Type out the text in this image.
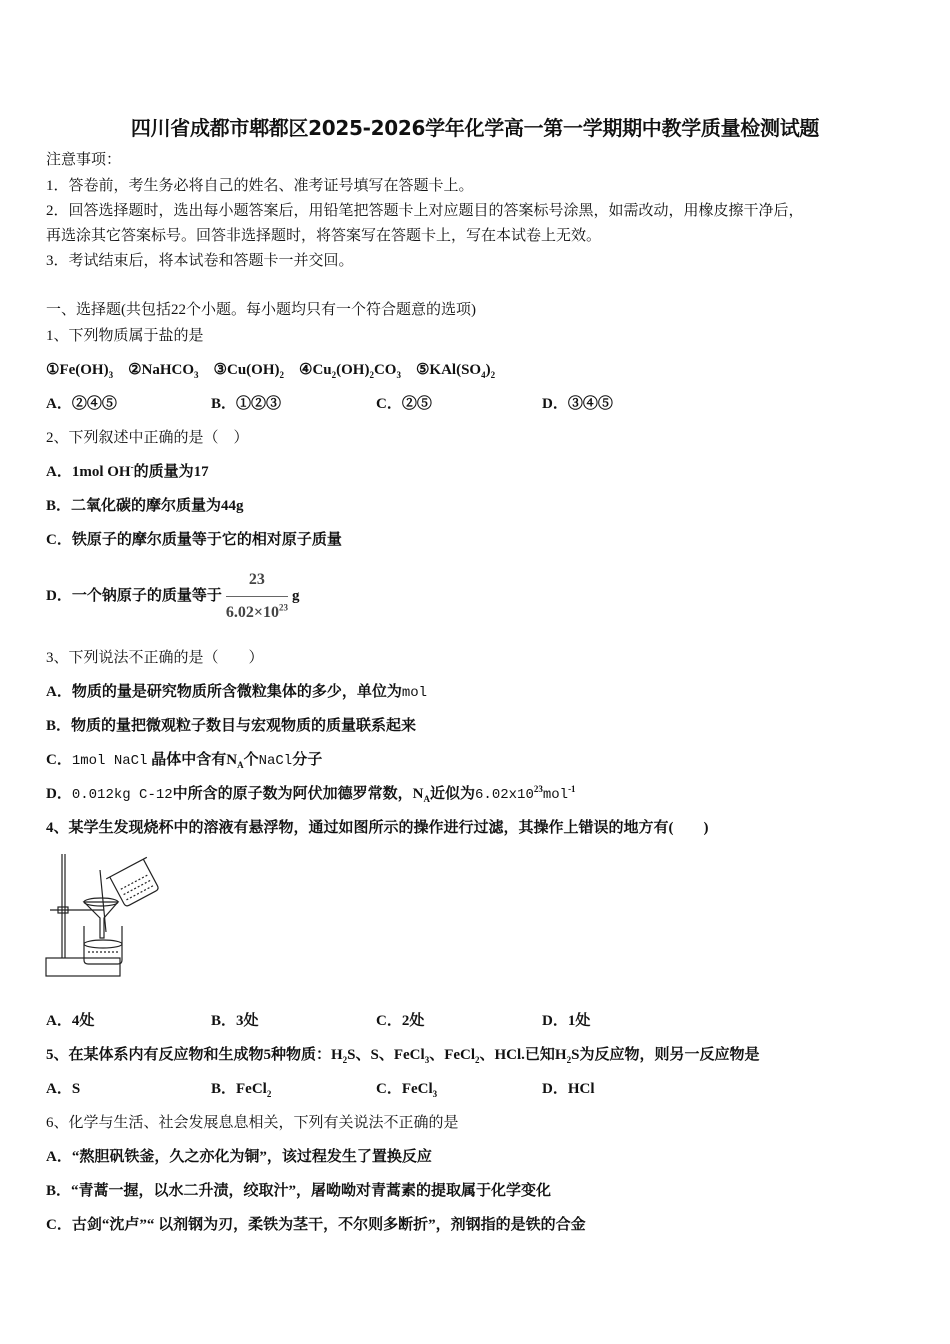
四川省成都市郫都区2025-2026学年化学高一第一学期期中教学质量检测试题
注意事项：
1．答卷前，考生务必将自己的姓名、准考证号填写在答题卡上。
2．回答选择题时，选出每小题答案后，用铅笔把答题卡上对应题目的答案标号涂黑，如需改动，用橡皮擦干净后，
再选涂其它答案标号。回答非选择题时，将答案写在答题卡上，写在本试卷上无效。
3．考试结束后，将本试卷和答题卡一并交回。
一、选择题(共包括22个小题。每小题均只有一个符合题意的选项)
1、下列物质属于盐的是
$①Fe(OH)_3$ ②NaHCO$_3$ $③Cu(OH)_2$ $④Cu_2(OH)_2CO_3$ $⑤KAl(SO_4)_2$
A．②④⑤	B．①②③	C．②⑤	D．③④⑤
2、下列叙述中正确的是（　）
A．1mol OH-的质量为17
B．二氧化碳的摩尔质量为44g
C．铁原子的摩尔质量等于它的相对原子质量
D．一个钠原子的质量等于 $\frac{23}{6.02\times 10^{23}}$ g
3、下列说法不正确的是（　　）
A．物质的量是研究物质所含微粒集体的多少，单位为mol
B．物质的量把微观粒子数目与宏观物质的质量联系起来
C．1mol NaCl 晶体中含有$N_A$个NaCl分子
D．0.012kg C-12中所含的原子数为阿伏加德罗常数，$N_A$近似为$6.02x10^{23}mol^{-1}$
4、某学生发现烧杯中的溶液有悬浮物，通过如图所示的操作进行过滤，其操作上错误的地方有(　　)
A．4处	B．3处	C．2处	D．1处
5、在某体系内有反应物和生成物5种物质：$H_2S$、S、FeCl$_3$、FeCl$_2$、HCl.已知$H_2S$为反应物，则另一反应物是
A．S	B．FeCl$_2$	C．FeCl$_3$	D．HCl
6、化学与生活、社会发展息息相关，下列有关说法不正确的是
A．“熬胆矾铁釜，久之亦化为铜”，该过程发生了置换反应
B．“青蒿一握，以水二升渍，绞取汁”，屠呦呦对青蒿素的提取属于化学变化
C．古剑“沈卢”“ 以剂钢为刃，柔铁为茎干，不尔则多断折”，剂钢指的是铁的合金
